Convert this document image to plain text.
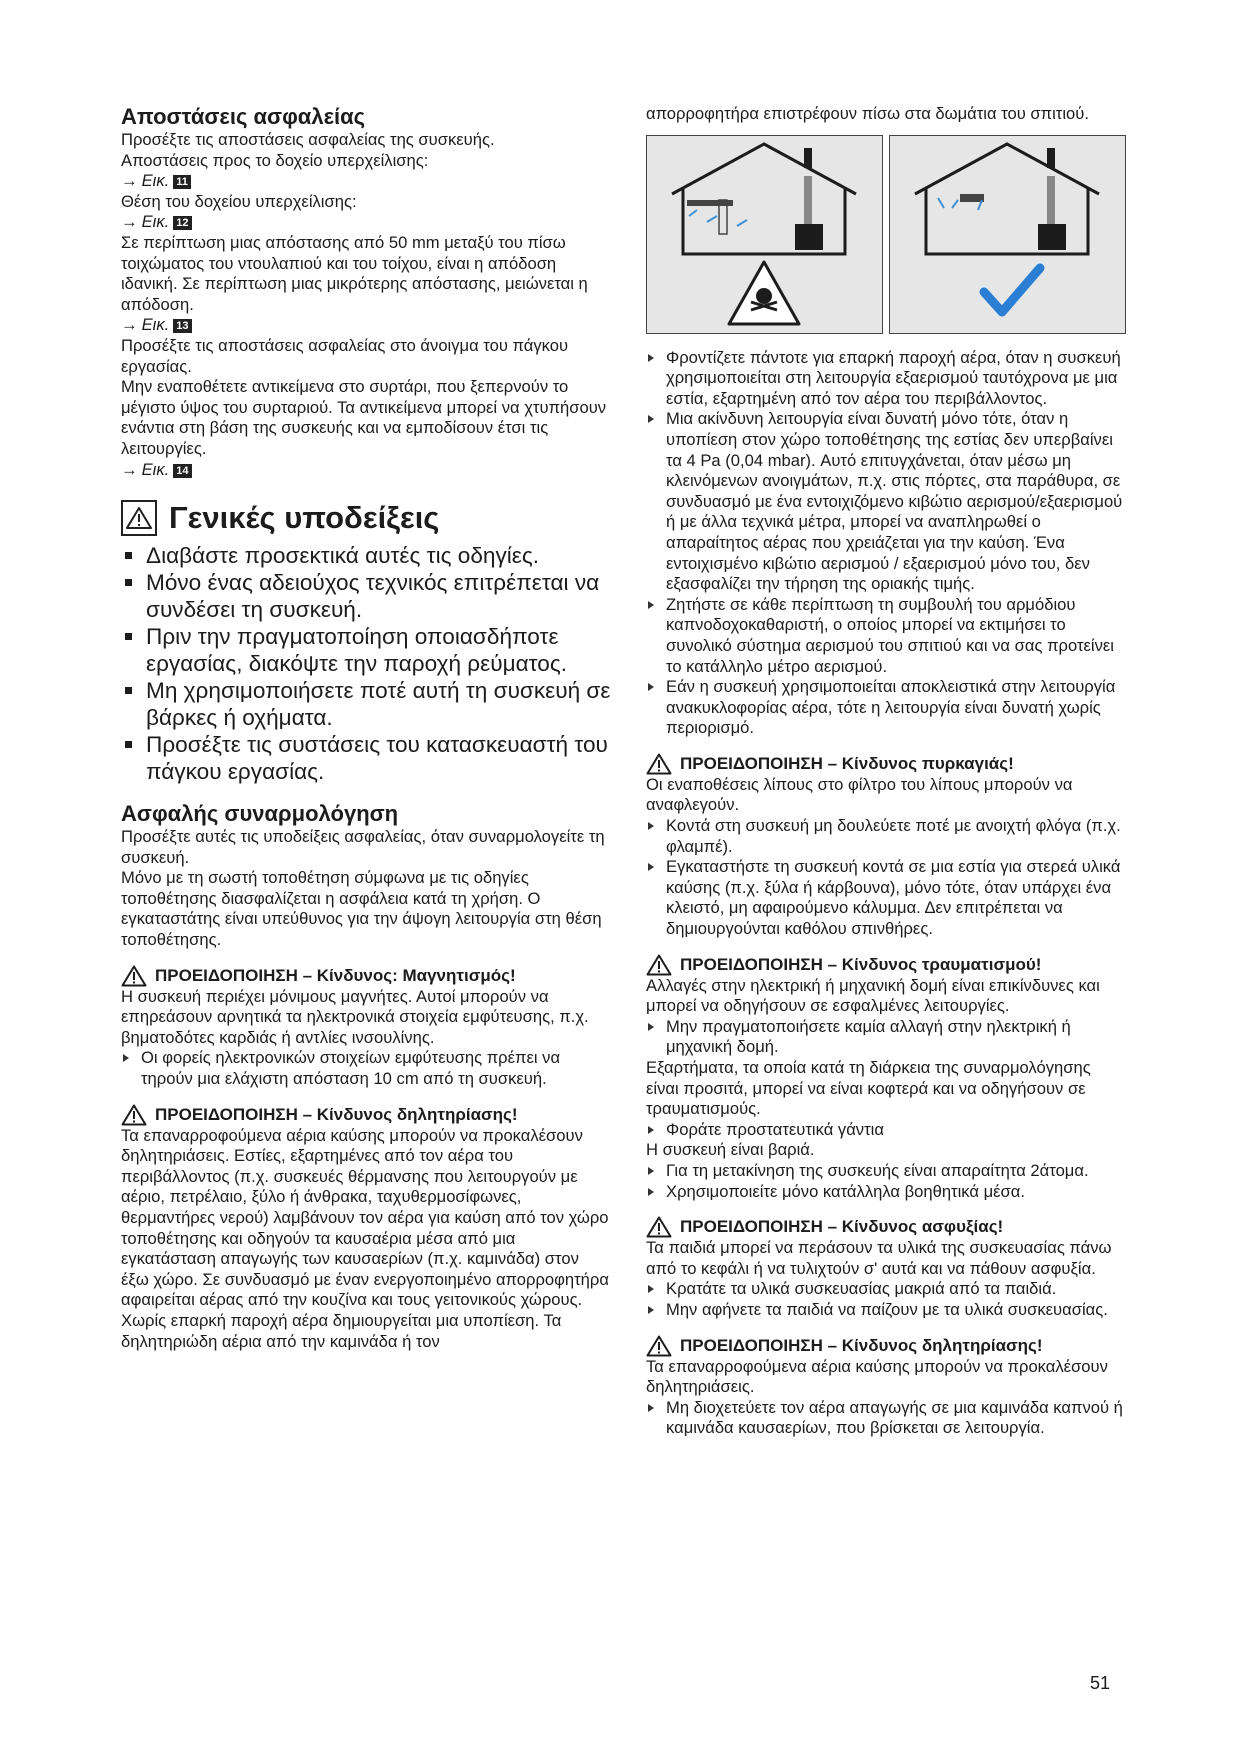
Αποστάσεις ασφαλείας

Προσέξτε τις αποστάσεις ασφαλείας της συσκευής.

Αποστάσεις προς το δοχείο υπερχείλισης:

→ Εικ. 11

Θέση του δοχείου υπερχείλισης:

→ Εικ. 12

Σε περίπτωση μιας απόστασης από 50 mm μεταξύ του πίσω τοιχώματος του ντουλαπιού και του τοίχου, είναι η απόδοση ιδανική. Σε περίπτωση μιας μικρότερης απόστασης, μειώνεται η απόδοση.

→ Εικ. 13

Προσέξτε τις αποστάσεις ασφαλείας στο άνοιγμα του πάγκου εργασίας.

Μην εναποθέτετε αντικείμενα στο συρτάρι, που ξεπερνούν το μέγιστο ύψος του συρταριού. Τα αντικείμενα μπορεί να χτυπήσουν ενάντια στη βάση της συσκευής και να εμποδίσουν έτσι τις λειτουργίες.

→ Εικ. 14
Γενικές υποδείξεις
Διαβάστε προσεκτικά αυτές τις οδηγίες.
Μόνο ένας αδειούχος τεχνικός επιτρέπεται να συνδέσει τη συσκευή.
Πριν την πραγματοποίηση οποιασδήποτε εργασίας, διακόψτε την παροχή ρεύματος.
Μη χρησιμοποιήσετε ποτέ αυτή τη συσκευή σε βάρκες ή οχήματα.
Προσέξτε τις συστάσεις του κατασκευαστή του πάγκου εργασίας.
Ασφαλής συναρμολόγηση

Προσέξτε αυτές τις υποδείξεις ασφαλείας, όταν συναρμολογείτε τη συσκευή.

Μόνο με τη σωστή τοποθέτηση σύμφωνα με τις οδηγίες τοποθέτησης διασφαλίζεται η ασφάλεια κατά τη χρήση. Ο εγκαταστάτης είναι υπεύθυνος για την άψογη λειτουργία στη θέση τοποθέτησης.

ΠΡΟΕΙΔΟΠΟΙΗΣΗ – Κίνδυνος: Μαγνητισμός!

Η συσκευή περιέχει μόνιμους μαγνήτες. Αυτοί μπορούν να επηρεάσουν αρνητικά τα ηλεκτρονικά στοιχεία εμφύτευσης, π.χ. βηματοδότες καρδιάς ή αντλίες ινσουλίνης.

Οι φορείς ηλεκτρονικών στοιχείων εμφύτευσης πρέπει να τηρούν μια ελάχιστη απόσταση 10 cm από τη συσκευή.
ΠΡΟΕΙΔΟΠΟΙΗΣΗ – Κίνδυνος δηλητηρίασης!

Τα επαναρροφούμενα αέρια καύσης μπορούν να προκαλέσουν δηλητηριάσεις. Εστίες, εξαρτημένες από τον αέρα του περιβάλλοντος (π.χ. συσκευές θέρμανσης που λειτουργούν με αέριο, πετρέλαιο, ξύλο ή άνθρακα, ταχυθερμοσίφωνες, θερμαντήρες νερού) λαμβάνουν τον αέρα για καύση από τον χώρο τοποθέτησης και οδηγούν τα καυσαέρια μέσα από μια εγκατάσταση απαγωγής των καυσαερίων (π.χ. καμινάδα) στον έξω χώρο. Σε συνδυασμό με έναν ενεργοποιημένο απορροφητήρα αφαιρείται αέρας από την κουζίνα και τους γειτονικούς χώρους. Χωρίς επαρκή παροχή αέρα δημιουργείται μια υποπίεση. Τα δηλητηριώδη αέρια από την καμινάδα ή τον

απορροφητήρα επιστρέφουν πίσω στα δωμάτια του σπιτιού.

Φροντίζετε πάντοτε για επαρκή παροχή αέρα, όταν η συσκευή χρησιμοποιείται στη λειτουργία εξαερισμού ταυτόχρονα με μια εστία, εξαρτημένη από τον αέρα του περιβάλλοντος.
Μια ακίνδυνη λειτουργία είναι δυνατή μόνο τότε, όταν η υποπίεση στον χώρο τοποθέτησης της εστίας δεν υπερβαίνει τα 4 Pa (0,04 mbar). Αυτό επιτυγχάνεται, όταν μέσω μη κλεινόμενων ανοιγμάτων, π.χ. στις πόρτες, στα παράθυρα, σε συνδυασμό με ένα εντοιχιζόμενο κιβώτιο αερισμού/εξαερισμού ή με άλλα τεχνικά μέτρα, μπορεί να αναπληρωθεί ο απαραίτητος αέρας που χρειάζεται για την καύση. Ένα εντοιχισμένο κιβώτιο αερισμού / εξαερισμού μόνο του, δεν εξασφαλίζει την τήρηση της οριακής τιμής.
Ζητήστε σε κάθε περίπτωση τη συμβουλή του αρμόδιου καπνοδοχοκαθαριστή, ο οποίος μπορεί να εκτιμήσει το συνολικό σύστημα αερισμού του σπιτιού και να σας προτείνει το κατάλληλο μέτρο αερισμού.
Εάν η συσκευή χρησιμοποιείται αποκλειστικά στην λειτουργία ανακυκλοφορίας αέρα, τότε η λειτουργία είναι δυνατή χωρίς περιορισμό.
ΠΡΟΕΙΔΟΠΟΙΗΣΗ – Κίνδυνος πυρκαγιάς!

Οι εναποθέσεις λίπους στο φίλτρο του λίπους μπορούν να αναφλεγούν.

Κοντά στη συσκευή μη δουλεύετε ποτέ με ανοιχτή φλόγα (π.χ. φλαμπέ).
Εγκαταστήστε τη συσκευή κοντά σε μια εστία για στερεά υλικά καύσης (π.χ. ξύλα ή κάρβουνα), μόνο τότε, όταν υπάρχει ένα κλειστό, μη αφαιρούμενο κάλυμμα. Δεν επιτρέπεται να δημιουργούνται καθόλου σπινθήρες.
ΠΡΟΕΙΔΟΠΟΙΗΣΗ – Κίνδυνος τραυματισμού!

Αλλαγές στην ηλεκτρική ή μηχανική δομή είναι επικίνδυνες και μπορεί να οδηγήσουν σε εσφαλμένες λειτουργίες.

Μην πραγματοποιήσετε καμία αλλαγή στην ηλεκτρική ή μηχανική δομή.

Εξαρτήματα, τα οποία κατά τη διάρκεια της συναρμολόγησης είναι προσιτά, μπορεί να είναι κοφτερά και να οδηγήσουν σε τραυματισμούς.

Φοράτε προστατευτικά γάντια

Η συσκευή είναι βαριά.

Για τη μετακίνηση της συσκευής είναι απαραίτητα 2άτομα.
Χρησιμοποιείτε μόνο κατάλληλα βοηθητικά μέσα.
ΠΡΟΕΙΔΟΠΟΙΗΣΗ – Κίνδυνος ασφυξίας!

Τα παιδιά μπορεί να περάσουν τα υλικά της συσκευασίας πάνω από το κεφάλι ή να τυλιχτούν σ' αυτά και να πάθουν ασφυξία.

Κρατάτε τα υλικά συσκευασίας μακριά από τα παιδιά.
Μην αφήνετε τα παιδιά να παίζουν με τα υλικά συσκευασίας.
ΠΡΟΕΙΔΟΠΟΙΗΣΗ – Κίνδυνος δηλητηρίασης!

Τα επαναρροφούμενα αέρια καύσης μπορούν να προκαλέσουν δηλητηριάσεις.

Μη διοχετεύετε τον αέρα απαγωγής σε μια καμινάδα καπνού ή καμινάδα καυσαερίων, που βρίσκεται σε λειτουργία.
51
